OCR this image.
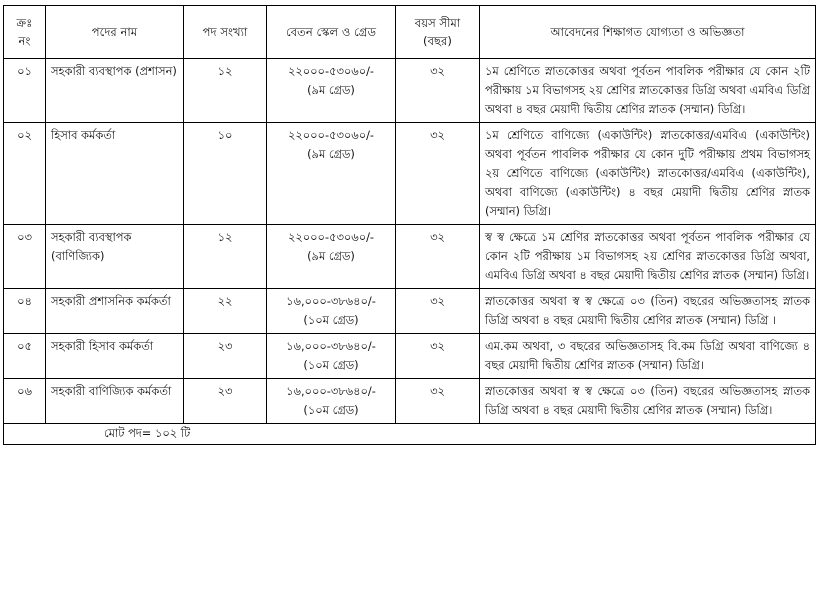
ক্রঃ নং	পদের নাম	পদ সংখ্যা	বেতন স্কেল ও গ্রেড	বয়স সীমা (বছর)	আবেদনের শিক্ষাগত যোগ্যতা ও অভিজ্ঞতা
০১	সহকারী ব্যবস্থাপক (প্রশাসন)	১২	২২০০০-৫৩০৬০/-
(৯ম গ্রেড)	৩২	১ম শ্রেণিতে স্নাতকোত্তর অথবা পূর্বতন পাবলিক পরীক্ষার যে কোন ২টি পরীক্ষায় ১ম বিভাগসহ ২য় শ্রেণির স্নাতকোত্তর ডিগ্রি অথবা এমবিএ ডিগ্রি অথবা ৪ বছর মেয়াদী দ্বিতীয় শ্রেণির স্নাতক (সম্মান) ডিগ্রি।
০২	হিসাব কর্মকর্তা	১০	২২০০০-৫৩০৬০/-
(৯ম গ্রেড)	৩২	১ম শ্রেণিতে বাণিজ্যে (একাউন্টিং) স্নাতকোত্তর/এমবিএ (একাউন্টিং) অথবা পূর্বতন পাবলিক পরীক্ষার যে কোন দুটি পরীক্ষায় প্রথম বিভাগসহ ২য় শ্রেণিতে বাণিজ্যে (একাউন্টিং) স্নাতকোত্তর/এমবিএ (একাউন্টিং), অথবা বাণিজ্যে (একাউন্টিং) ৪ বছর মেয়াদী দ্বিতীয় শ্রেণির স্নাতক (সম্মান) ডিগ্রি।
০৩	সহকারী ব্যবস্থাপক (বাণিজ্যিক)	১২	২২০০০-৫৩০৬০/-
(৯ম গ্রেড)	৩২	স্ব স্ব ক্ষেত্রে ১ম শ্রেণির স্নাতকোত্তর অথবা পূর্বতন পাবলিক পরীক্ষার যে কোন ২টি পরীক্ষায় ১ম বিভাগসহ ২য় শ্রেণির স্নাতকোত্তর ডিগ্রি অথবা, এমবিএ ডিগ্রি অথবা ৪ বছর মেয়াদী দ্বিতীয় শ্রেণির স্নাতক (সম্মান) ডিগ্রি।
০৪	সহকারী প্রশাসনিক কর্মকর্তা	২২	১৬,০০০-৩৮৬৪০/-
(১০ম গ্রেড)	৩২	স্নাতকোত্তর অথবা স্ব স্ব ক্ষেত্রে ০৩ (তিন) বছরের অভিজ্ঞতাসহ স্নাতক ডিগ্রি অথবা ৪ বছর মেয়াদী দ্বিতীয় শ্রেণির স্নাতক (সম্মান) ডিগ্রি ।
০৫	সহকারী হিসাব কর্মকর্তা	২৩	১৬,০০০-৩৮৬৪০/-
(১০ম গ্রেড)	৩২	এম.কম অথবা, ৩ বছরের অভিজ্ঞতাসহ বি.কম ডিগ্রি অথবা বাণিজ্যে ৪ বছর মেয়াদী দ্বিতীয় শ্রেণির স্নাতক (সম্মান) ডিগ্রি।
০৬	সহকারী বাণিজ্যিক কর্মকর্তা	২৩	১৬,০০০-৩৮৬৪০/-
(১০ম গ্রেড)	৩২	স্নাতকোত্তর অথবা স্ব স্ব ক্ষেত্রে ০৩ (তিন) বছরের অভিজ্ঞতাসহ স্নাতক ডিগ্রি অথবা ৪ বছর মেয়াদী দ্বিতীয় শ্রেণির স্নাতক (সম্মান) ডিগ্রি।
মোট পদ= ১০২ টি					
